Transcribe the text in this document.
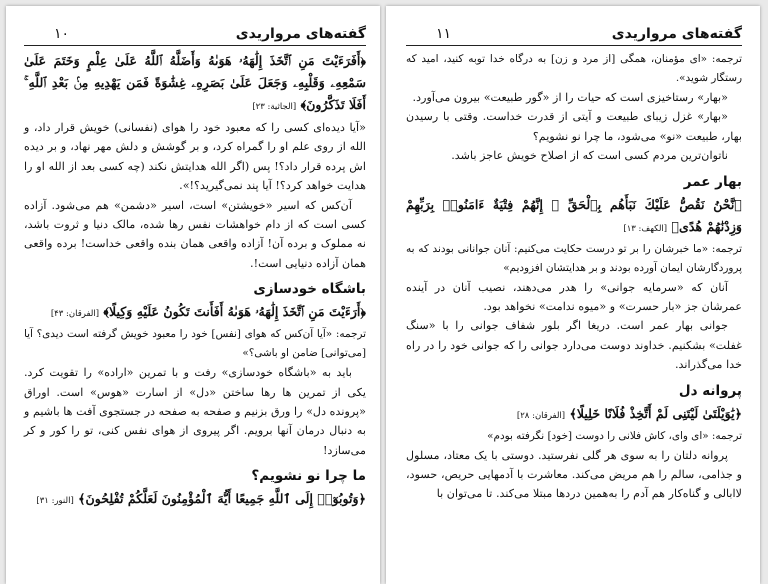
گفته‌های مرواریدی
۱۰

﴿أَفَرَءَيْتَ مَنِ ٱتَّخَذَ إِلَٰهَهُۥ هَوَىٰهُ وَأَضَلَّهُ ٱللَّهُ عَلَىٰ عِلْمٍ وَخَتَمَ عَلَىٰ سَمْعِهِۦ وَقَلْبِهِۦ وَجَعَلَ عَلَىٰ بَصَرِهِۦ غِشَٰوَةً فَمَن يَهْدِيهِ مِنۢ بَعْدِ ٱللَّهِ ۚ أَفَلَا تَذَكَّرُونَ﴾ [الجاثیة: ۲۳]

«آیا دیده‌ای کسی را که معبود خود را هوای (نفسانی) خویش قرار داد، و الله از روی علم او را گمراه کرد، و بر گوشش و دلش مهر نهاد، و بر دیده اش پرده قرار داد؟! پس (اگر الله هدایتش نکند (چه کسی بعد از الله او را هدایت خواهد کرد؟! آیا پند نمی‌گیرید؟!».

آن‌کس که اسیر «خویشتن» است، اسیر «دشمن» هم می‌شود. آزاده کسی است که از دام خواهشات نفس رها شده، مالک دنیا و ثروت باشد، نه مملوک و برده آن! آزاده واقعی همان بنده واقعی خداست! برده واقعی همان آزاده دنیایی است!.

باشگاه خودسازی

﴿أَرَءَيْتَ مَنِ ٱتَّخَذَ إِلَٰهَهُۥ هَوَىٰهُ أَفَأَنتَ تَكُونُ عَلَيْهِ وَكِيلًا﴾ [الفرقان: ۴۳]

ترجمه: «آیا آن‌کس که هوای [نفس] خود را معبود خویش گرفته است دیدی؟ آیا [می‌توانی] ضامن او باشی؟»

باید به «باشگاه خودسازی» رفت و با تمرین «اراده» را تقویت کرد. یکی از تمرین ها رها ساختن «دل» از اسارت «هوس» است. اوراق «پرونده دل» را ورق بزنیم و صفحه به صفحه در جستجوی آفت ها باشیم و به دنبال درمان آنها برویم. اگر پیروی از هوای نفس کنی، تو را کور و کر می‌سازد!

ما چرا نو نشویم؟

﴿وَتُوبُوٓا۟ إِلَى ٱللَّهِ جَمِيعًا أَيُّهَ ٱلْمُؤْمِنُونَ لَعَلَّكُمْ تُفْلِحُونَ﴾ [النور: ۳۱]

گفته‌های مرواریدی
۱۱

ترجمه: «ای مؤمنان، همگی [از مرد و زن] به درگاه خدا توبه کنید، امید که رستگار شوید».

«بهار» رستاخیزی است که حیات را از «گور طبیعت» بیرون می‌آورد.

«بهار» غزل زیبای طبیعت و آیتی از قدرت خداست. وقتی با رسیدن بهار، طبیعت «نو» می‌شود، ما چرا نو نشویم؟

ناتوان‌ترین مردم کسی است که از اصلاح خویش عاجز باشد.

بهار عمر

﴿نَّحْنُ نَقُصُّ عَلَيْكَ نَبَأَهُم بِٱلْحَقِّ ۚ إِنَّهُمْ فِتْيَةٌ ءَامَنُوا۟ بِرَبِّهِمْ وَزِدْنَٰهُمْ هُدًى﴾ [الکهف: ۱۳]

ترجمه: «ما خبرشان را بر تو درست حکایت می‌کنیم: آنان جوانانی بودند که به پروردگارشان ایمان آورده بودند و بر هدایتشان افزودیم»

آنان که «سرمایه جوانی» را هدر می‌دهند، نصیب آنان در آینده عمرشان جز «بار حسرت» و «میوه ندامت» نخواهد بود.

جوانی بهار عمر است. دریغا اگر بلور شفاف جوانی را با «سنگ غفلت» بشکنیم. خداوند دوست می‌دارد جوانی را که جوانی خود را در راه خدا می‌گذراند.

پروانه دل

﴿يَٰوَيْلَتَىٰ لَيْتَنِى لَمْ أَتَّخِذْ فُلَانًا خَلِيلًا﴾ [الفرقان: ۲۸]

ترجمه: «ای وای، کاش فلانی را دوست [خود] نگرفته بودم»

پروانه دلتان را به سوی هر گلی نفرستید. دوستی با یک معتاد، مسلول و جذامی، سالم را هم مریض می‌کند. معاشرت با آدمهایی حریص، حسود، لاابالی و گناه‌کار هم آدم را به‌همین دردها مبتلا می‌کند. تا می‌توان با
